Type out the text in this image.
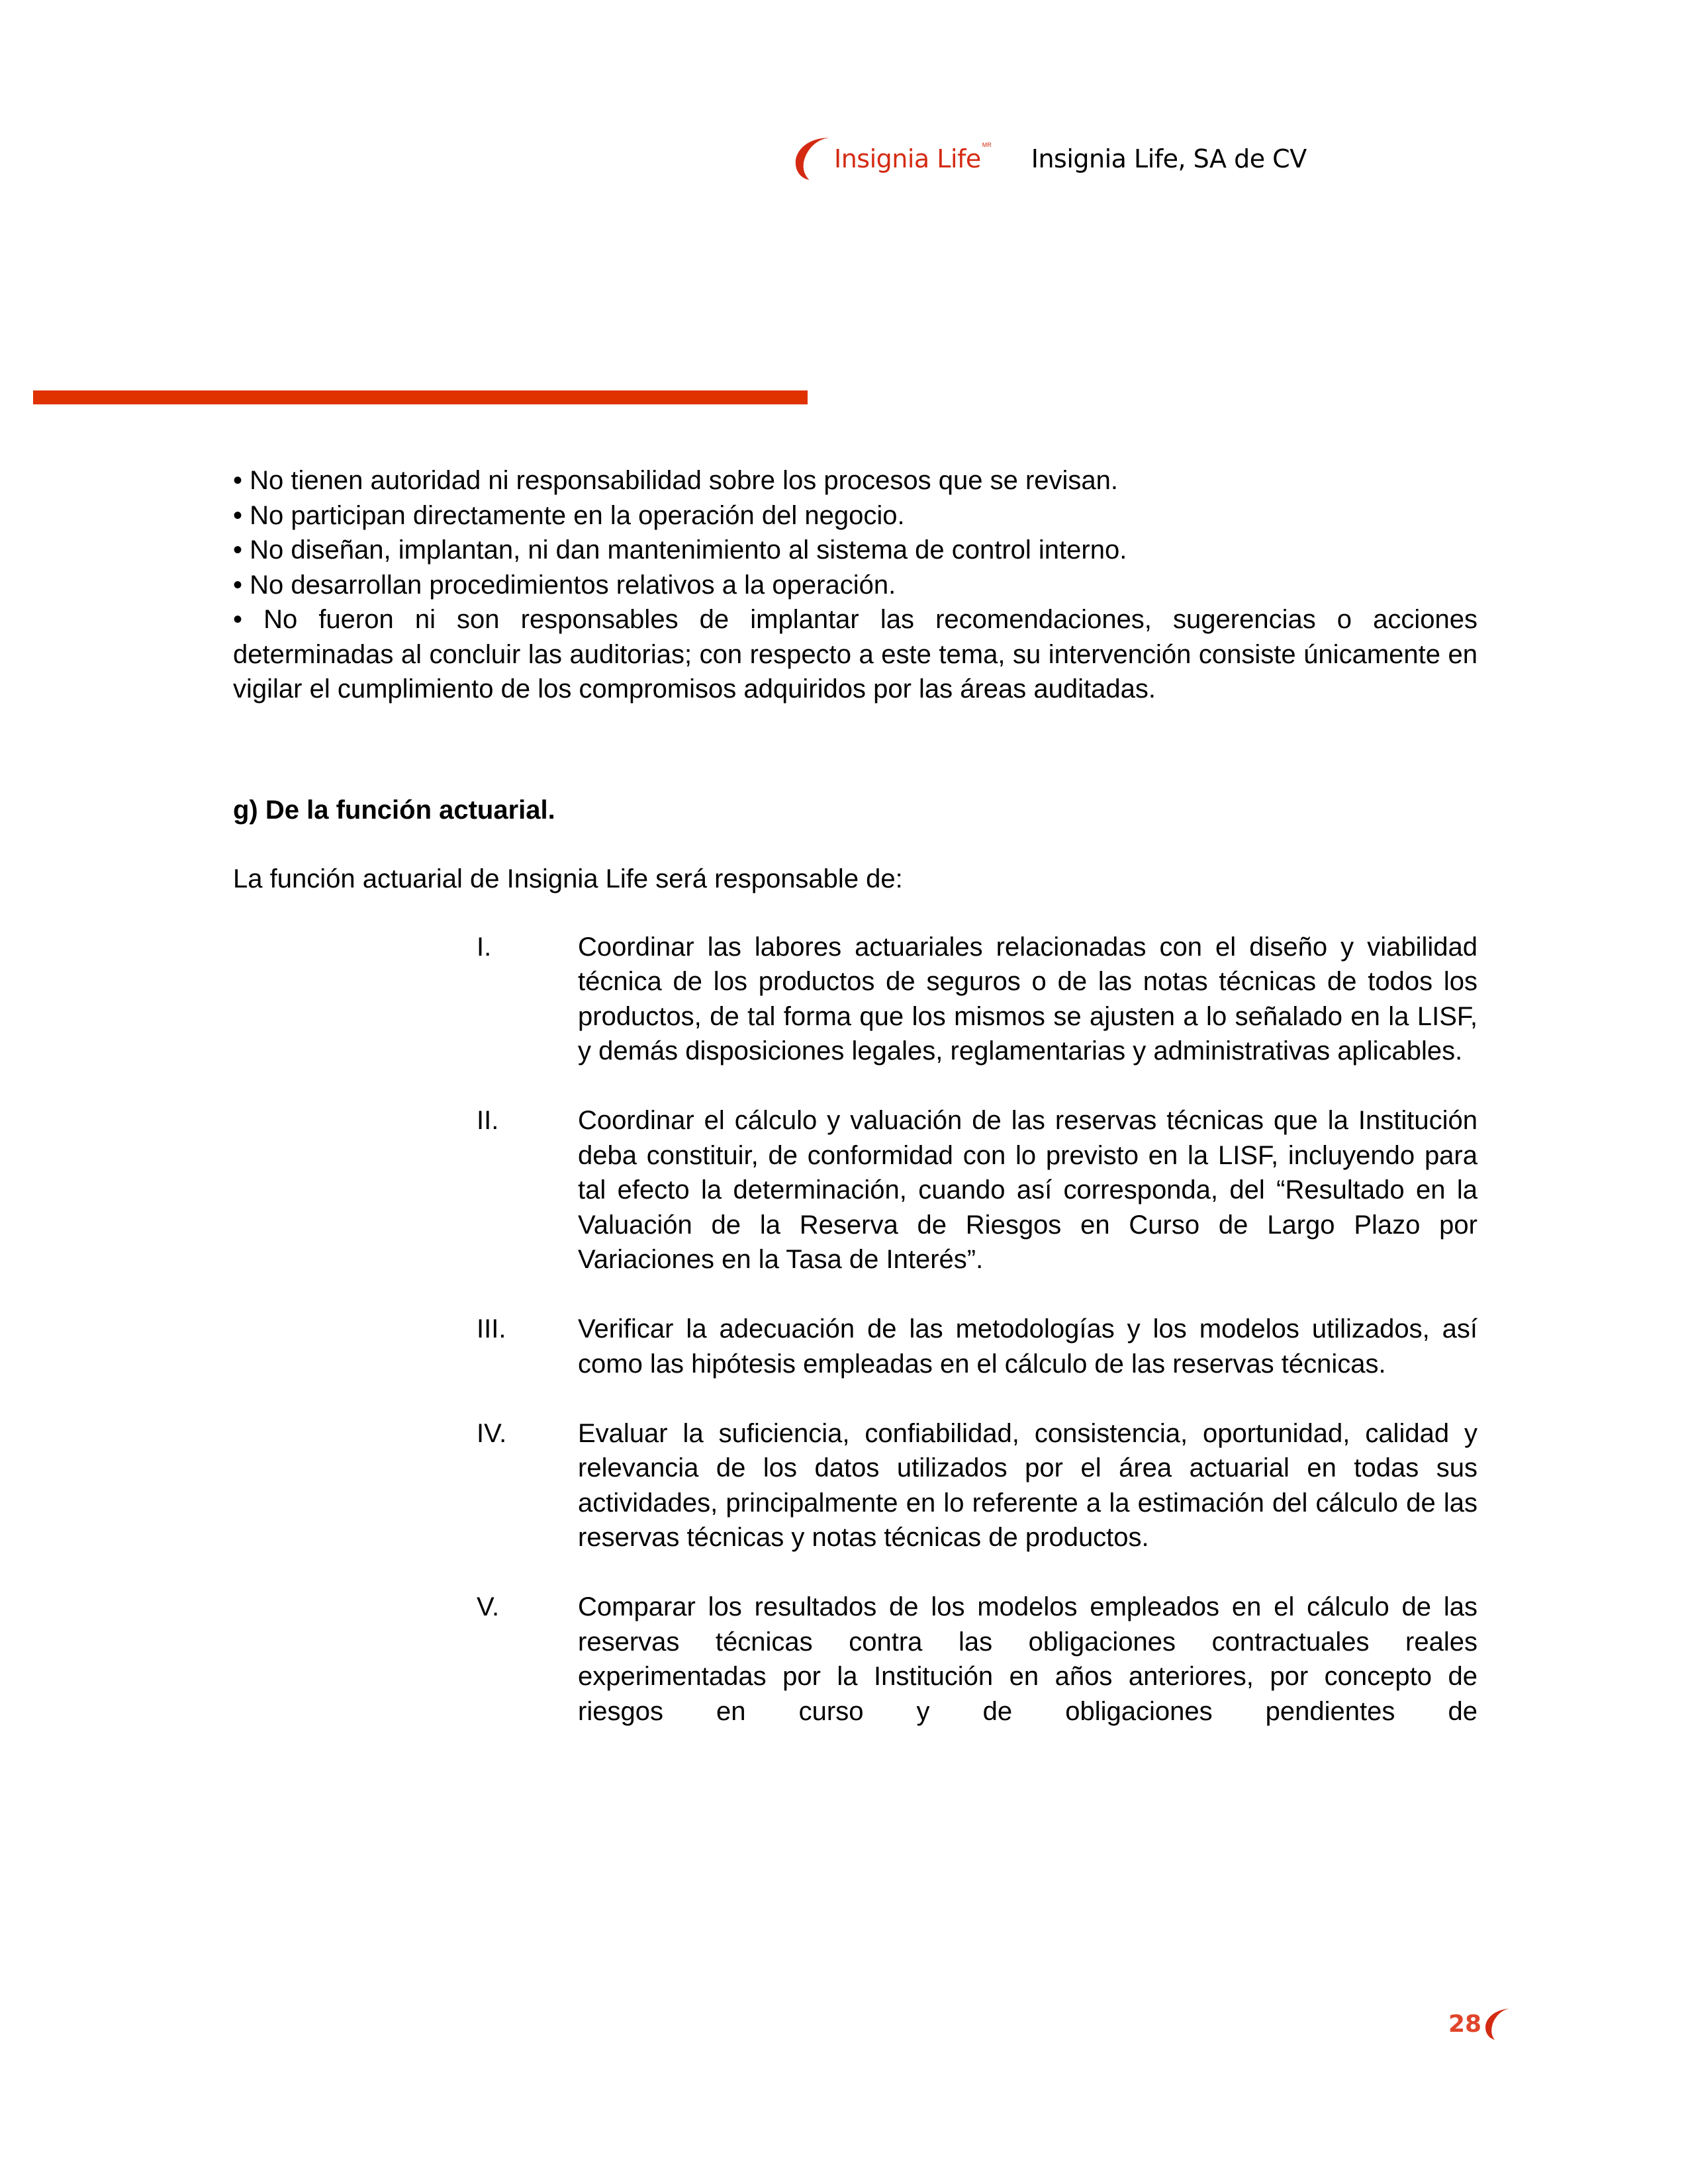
Insignia Life MR Insignia Life, SA de CV
• No tienen autoridad ni responsabilidad sobre los procesos que se revisan.
• No participan directamente en la operación del negocio.
• No diseñan, implantan, ni dan mantenimiento al sistema de control interno.
• No desarrollan procedimientos relativos a la operación.
• No fueron ni son responsables de implantar las recomendaciones, sugerencias o acciones determinadas al concluir las auditorias; con respecto a este tema, su intervención consiste únicamente en vigilar el cumplimiento de los compromisos adquiridos por las áreas auditadas.
g) De la función actuarial.
La función actuarial de Insignia Life será responsable de:
I.	Coordinar las labores actuariales relacionadas con el diseño y viabilidad técnica de los productos de seguros o de las notas técnicas de todos los productos, de tal forma que los mismos se ajusten a lo señalado en la LISF, y demás disposiciones legales, reglamentarias y administrativas aplicables.
II.	Coordinar el cálculo y valuación de las reservas técnicas que la Institución deba constituir, de conformidad con lo previsto en la LISF, incluyendo para tal efecto la determinación, cuando así corresponda, del “Resultado en la Valuación de la Reserva de Riesgos en Curso de Largo Plazo por Variaciones en la Tasa de Interés”.
III.	Verificar la adecuación de las metodologías y los modelos utilizados, así como las hipótesis empleadas en el cálculo de las reservas técnicas.
IV.	Evaluar la suficiencia, confiabilidad, consistencia, oportunidad, calidad y relevancia de los datos utilizados por el área actuarial en todas sus actividades, principalmente en lo referente a la estimación del cálculo de las reservas técnicas y notas técnicas de productos.
V.	Comparar los resultados de los modelos empleados en el cálculo de las reservas técnicas contra las obligaciones contractuales reales experimentadas por la Institución en años anteriores, por concepto de riesgos en curso y de obligaciones pendientes de
28
